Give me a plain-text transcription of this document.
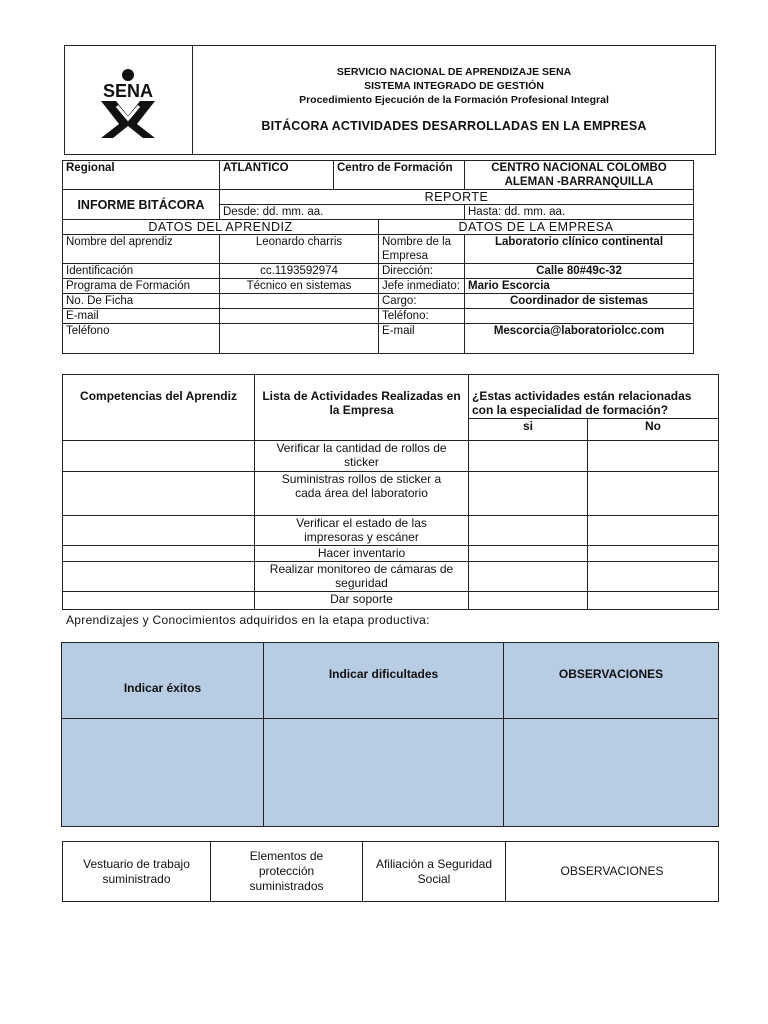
SENA
SERVICIO NACIONAL DE APRENDIZAJE SENA
SISTEMA INTEGRADO DE GESTIÓN
Procedimiento Ejecución de la Formación Profesional Integral
BITÁCORA ACTIVIDADES DESARROLLADAS EN LA EMPRESA
Regional	ATLANTICO	Centro de Formación		CENTRO NACIONAL COLOMBO ALEMAN -BARRANQUILLA
INFORME BITÁCORA	REPORTE			
	Desde: dd. mm. aa.			Hasta: dd. mm. aa.
DATOS DEL APRENDIZ			DATOS DE LA EMPRESA	
Nombre del aprendiz	Leonardo charris		Nombre de la Empresa	Laboratorio clínico continental
Identificación	cc.1193592974		Dirección:	Calle 80#49c-32
Programa de Formación	Técnico en sistemas		Jefe inmediato:	Mario Escorcia
No. De Ficha			Cargo:	Coordinador de sistemas
E-mail			Teléfono:	
Teléfono			E-mail	Mescorcia@laboratoriolcc.com
Competencias del Aprendiz	Lista de Actividades Realizadas en la Empresa	¿Estas actividades están relacionadas con la especialidad de formación?	
		si	No
	Verificar la cantidad de rollos de sticker		
	Suministras rollos de sticker a cada área del laboratorio		
	Verificar el estado de las impresoras y escáner		
	Hacer inventario		
	Realizar monitoreo de cámaras de seguridad		
	Dar soporte		
Aprendizajes y Conocimientos adquiridos en la etapa productiva:
Indicar éxitos	Indicar dificultades	OBSERVACIONES

Vestuario de trabajo suministrado	Elementos de protección suministrados	Afiliación a Seguridad Social	OBSERVACIONES
